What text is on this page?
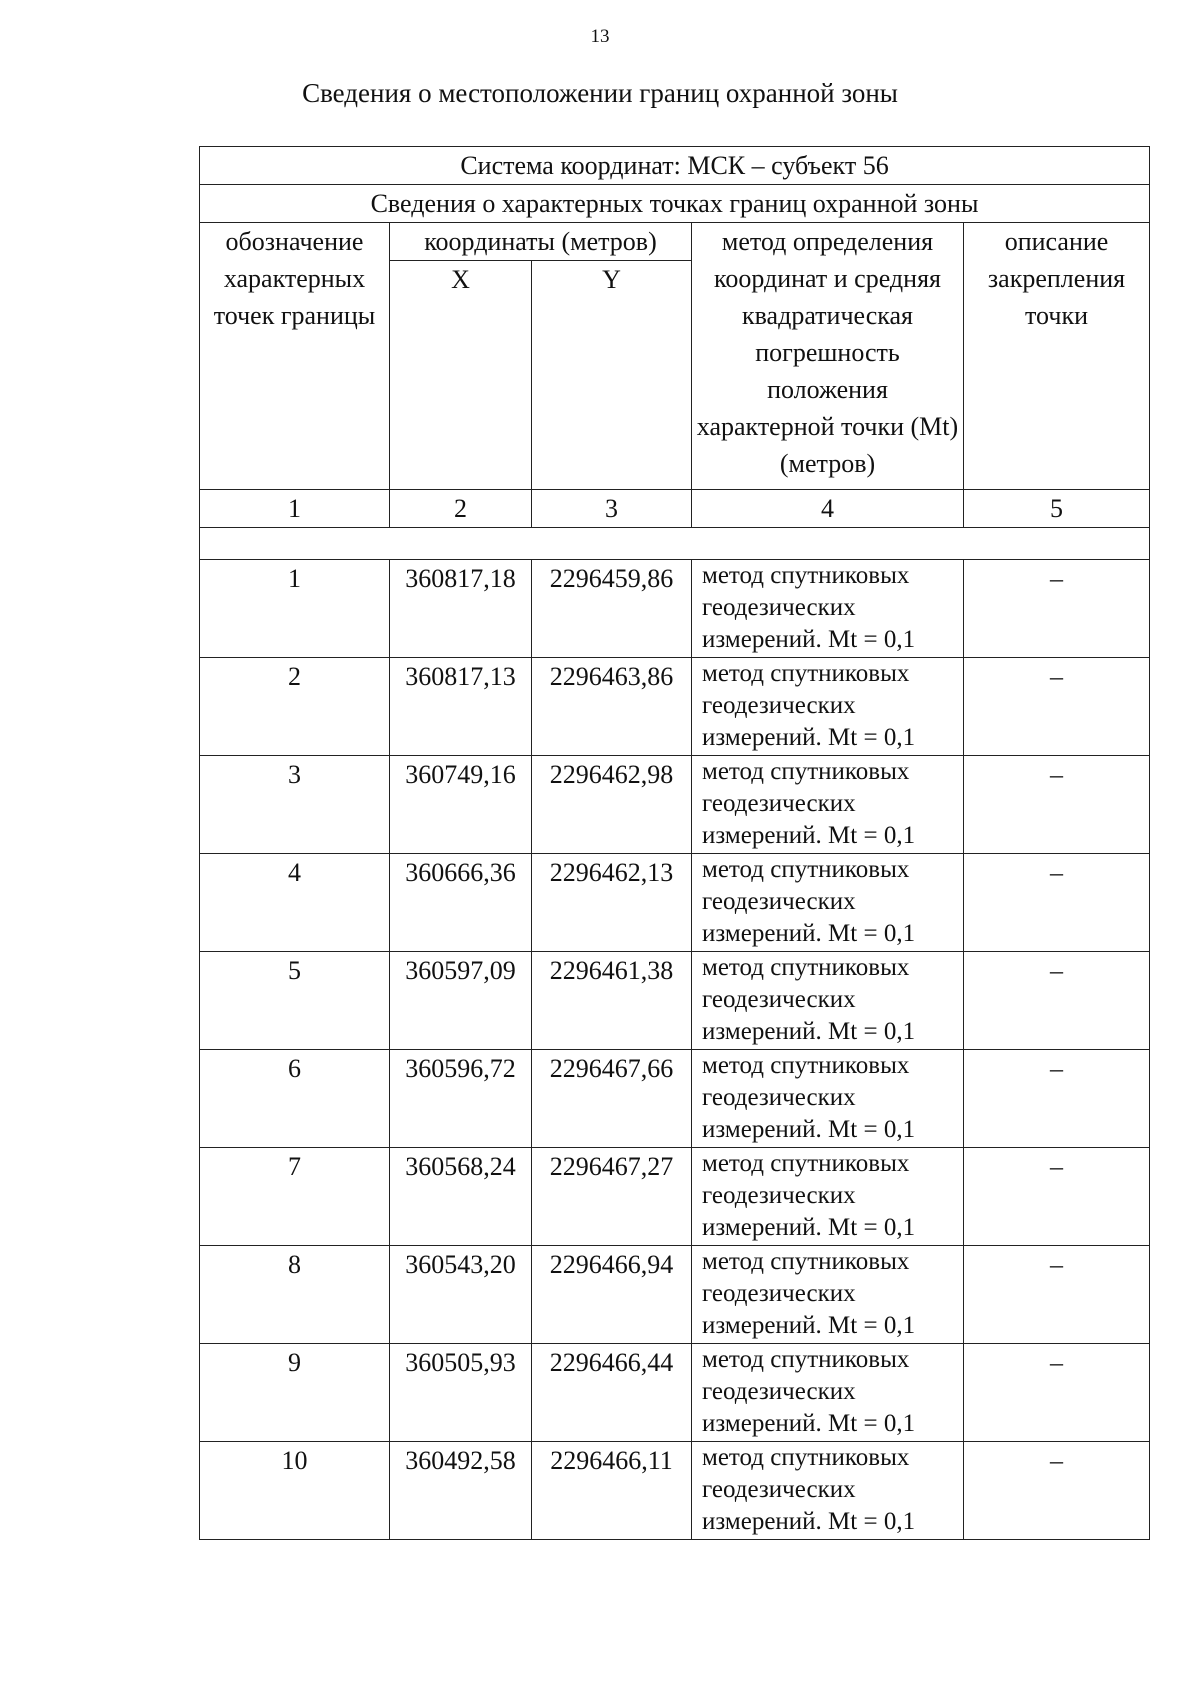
13
Сведения о местоположении границ охранной зоны
Система координат: МСК – субъект 56				
Сведения о характерных точках границ охранной зоны				
обозначение характерных точек границы	координаты (метров)		метод определения координат и средняя квадратическая погрешность положения характерной точки (Mt) (метров)	описание закрепления точки
	X	Y		
1	2	3	4	5

1	360817,18	2296459,86	метод спутниковых геодезических измерений. Mt = 0,1	–
2	360817,13	2296463,86	метод спутниковых геодезических измерений. Mt = 0,1	–
3	360749,16	2296462,98	метод спутниковых геодезических измерений. Mt = 0,1	–
4	360666,36	2296462,13	метод спутниковых геодезических измерений. Mt = 0,1	–
5	360597,09	2296461,38	метод спутниковых геодезических измерений. Mt = 0,1	–
6	360596,72	2296467,66	метод спутниковых геодезических измерений. Mt = 0,1	–
7	360568,24	2296467,27	метод спутниковых геодезических измерений. Mt = 0,1	–
8	360543,20	2296466,94	метод спутниковых геодезических измерений. Mt = 0,1	–
9	360505,93	2296466,44	метод спутниковых геодезических измерений. Mt = 0,1	–
10	360492,58	2296466,11	метод спутниковых геодезических измерений. Mt = 0,1	–
